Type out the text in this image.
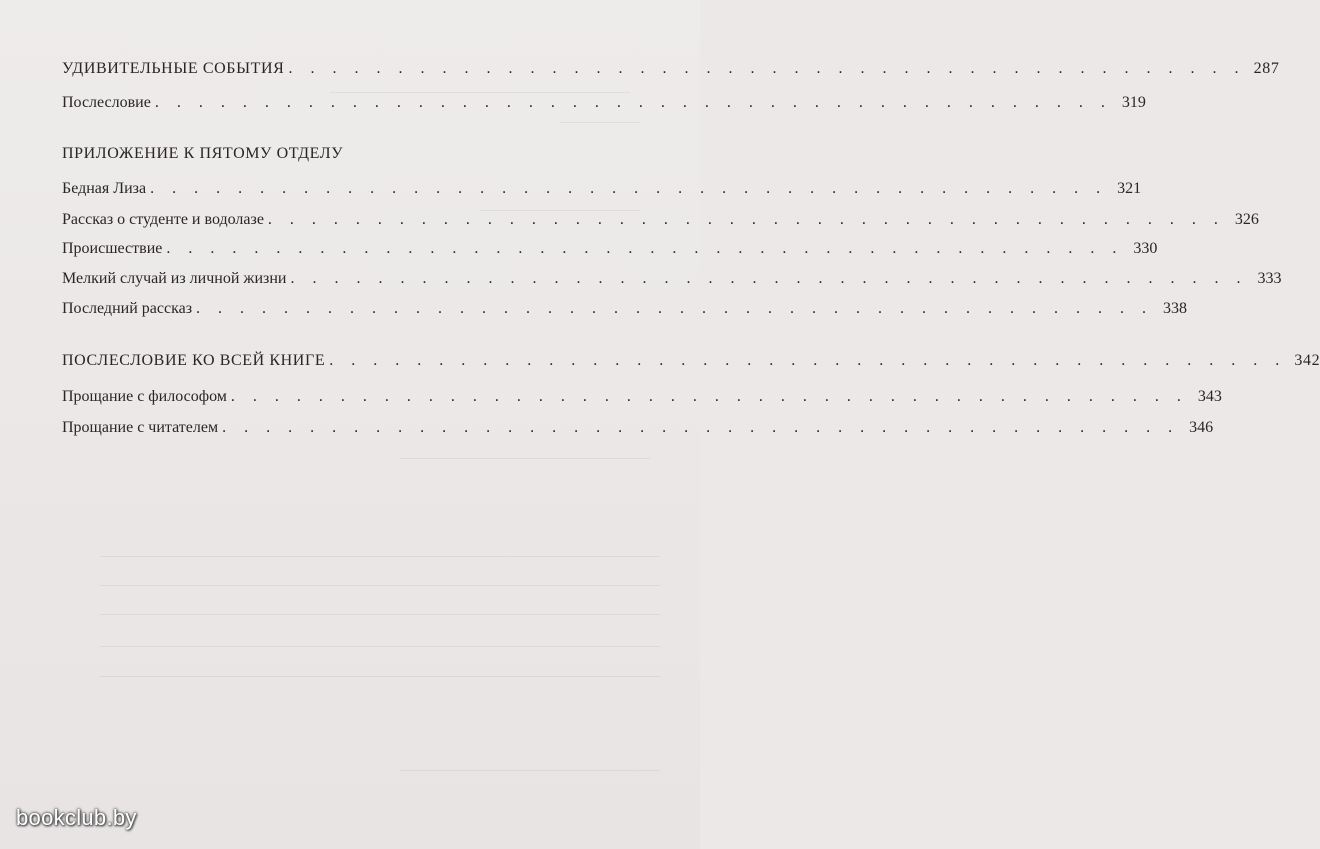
УДИВИТЕЛЬНЫЕ СОБЫТИЯ . . . . . . . . . . . . . . . . . . . . . . . . . . . . . . . . . . . . . . . . . . . . 287
Послесловие . . . . . . . . . . . . . . . . . . . . . . . . . . . . . . . . . . . . . . . . . . . . 319
ПРИЛОЖЕНИЕ К ПЯТОМУ ОТДЕЛУ
Бедная Лиза . . . . . . . . . . . . . . . . . . . . . . . . . . . . . . . . . . . . . . . . . . . . 321
Рассказ о студенте и водолазе . . . . . . . . . . . . . . . . . . . . . . . . . . . . . . . . . . . . . . . . . . . . 326
Происшествие . . . . . . . . . . . . . . . . . . . . . . . . . . . . . . . . . . . . . . . . . . . . 330
Мелкий случай из личной жизни . . . . . . . . . . . . . . . . . . . . . . . . . . . . . . . . . . . . . . . . . . . . 333
Последний рассказ . . . . . . . . . . . . . . . . . . . . . . . . . . . . . . . . . . . . . . . . . . . . 338
ПОСЛЕСЛОВИЕ КО ВСЕЙ КНИГЕ . . . . . . . . . . . . . . . . . . . . . . . . . . . . . . . . . . . . . . . . . . . . 342
Прощание с философом . . . . . . . . . . . . . . . . . . . . . . . . . . . . . . . . . . . . . . . . . . . . 343
Прощание с читателем . . . . . . . . . . . . . . . . . . . . . . . . . . . . . . . . . . . . . . . . . . . . 346
bookclub.by
